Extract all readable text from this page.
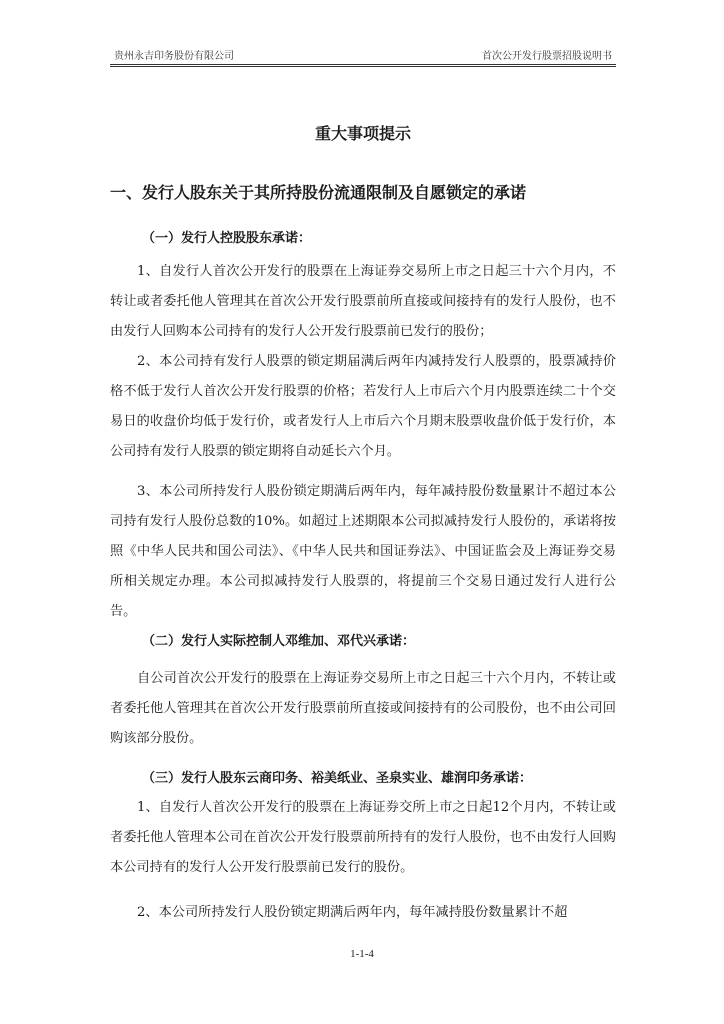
贵州永吉印务股份有限公司	首次公开发行股票招股说明书
重大事项提示
一、发行人股东关于其所持股份流通限制及自愿锁定的承诺
（一）发行人控股股东承诺：

1、自发行人首次公开发行的股票在上海证券交易所上市之日起三十六个月内，不转让或者委托他人管理其在首次公开发行股票前所直接或间接持有的发行人股份，也不由发行人回购本公司持有的发行人公开发行股票前已发行的股份；

2、本公司持有发行人股票的锁定期届满后两年内减持发行人股票的，股票减持价格不低于发行人首次公开发行股票的价格；若发行人上市后六个月内股票连续二十个交易日的收盘价均低于发行价，或者发行人上市后六个月期末股票收盘价低于发行价，本公司持有发行人股票的锁定期将自动延长六个月。

3、本公司所持发行人股份锁定期满后两年内，每年减持股份数量累计不超过本公司持有发行人股份总数的10%。如超过上述期限本公司拟减持发行人股份的，承诺将按照《中华人民共和国公司法》、《中华人民共和国证券法》、中国证监会及上海证券交易所相关规定办理。本公司拟减持发行人股票的，将提前三个交易日通过发行人进行公告。

（二）发行人实际控制人邓维加、邓代兴承诺：

自公司首次公开发行的股票在上海证券交易所上市之日起三十六个月内，不转让或者委托他人管理其在首次公开发行股票前所直接或间接持有的公司股份，也不由公司回购该部分股份。

（三）发行人股东云商印务、裕美纸业、圣泉实业、雄润印务承诺：

1、自发行人首次公开发行的股票在上海证券交所上市之日起12个月内，不转让或者委托他人管理本公司在首次公开发行股票前所持有的发行人股份，也不由发行人回购本公司持有的发行人公开发行股票前已发行的股份。

2、本公司所持发行人股份锁定期满后两年内，每年减持股份数量累计不超

1-1-4
